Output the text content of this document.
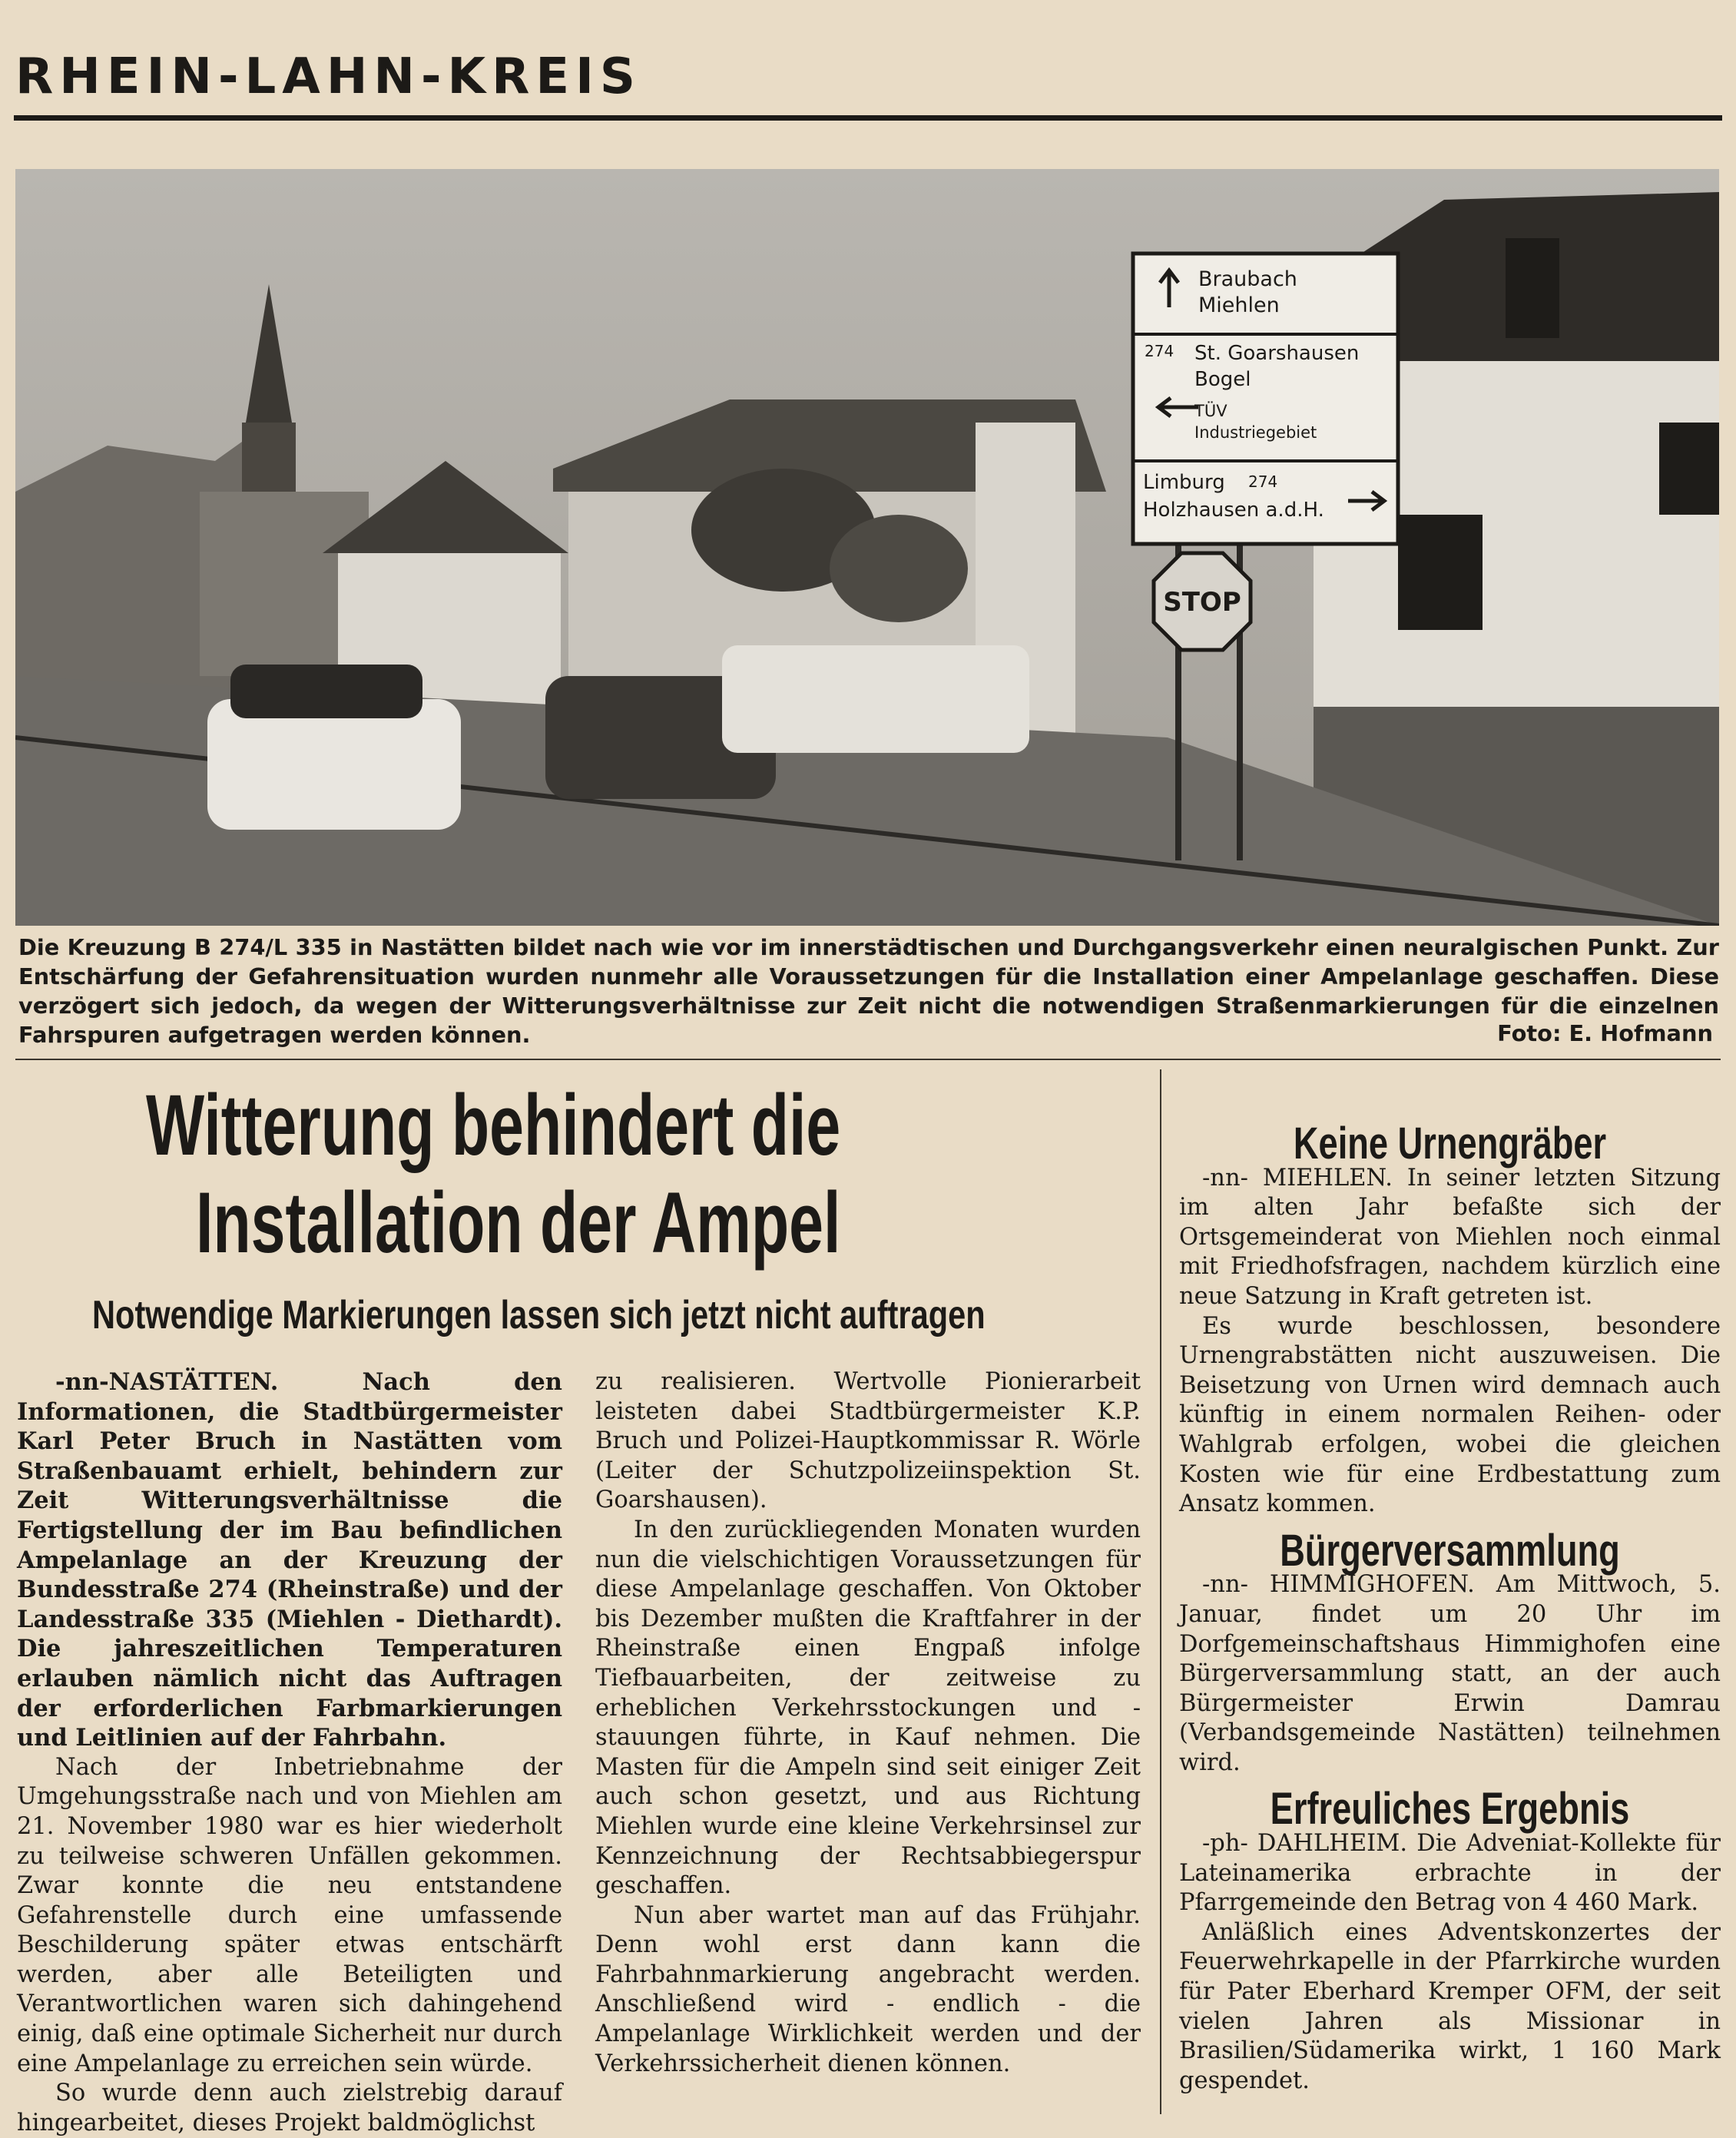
RHEIN-LAHN-KREIS
Braubach
Miehlen
274 St. Goarshausen
Bogel
TÜV
Industriegebiet
Limburg 274
Holzhausen a.d.H.
STOP
Die Kreuzung B 274/L 335 in Nastätten bildet nach wie vor im innerstädtischen und Durchgangsverkehr einen neuralgischen Punkt. Zur Entschärfung der Gefahrensituation wurden nunmehr alle Voraussetzungen für die Installation einer Ampelanlage geschaffen. Diese verzögert sich jedoch, da wegen der Witterungsverhältnisse zur Zeit nicht die notwendigen Straßenmarkierungen für die einzelnen Fahrspuren aufgetragen werden können.	Foto: E. Hofmann
Witterung behindert die
Installation der Ampel
Notwendige Markierungen lassen sich jetzt nicht auftragen

-nn-NASTÄTTEN. Nach den Informationen, die Stadtbürgermeister Karl Peter Bruch in Nastätten vom Straßenbauamt erhielt, behindern zur Zeit Witterungsverhältnisse die Fertigstellung der im Bau befindlichen Ampelanlage an der Kreuzung der Bundesstraße 274 (Rheinstraße) und der Landesstraße 335 (Miehlen - Diethardt). Die jahreszeitlichen Temperaturen erlauben nämlich nicht das Auftragen der erforderlichen Farbmarkierungen und Leitlinien auf der Fahrbahn.

Nach der Inbetriebnahme der Umgehungsstraße nach und von Miehlen am 21. November 1980 war es hier wiederholt zu teilweise schweren Unfällen gekommen. Zwar konnte die neu entstandene Gefahrenstelle durch eine umfassende Beschilderung später etwas entschärft werden, aber alle Beteiligten und Verantwortlichen waren sich dahingehend einig, daß eine optimale Sicherheit nur durch eine Ampelanlage zu erreichen sein würde.

So wurde denn auch zielstrebig darauf hingearbeitet, dieses Projekt baldmöglichst

zu realisieren. Wertvolle Pionierarbeit leisteten dabei Stadtbürgermeister K.P. Bruch und Polizei-Hauptkommissar R. Wörle (Leiter der Schutzpolizeiinspektion St. Goarshausen).

In den zurückliegenden Monaten wurden nun die vielschichtigen Voraussetzungen für diese Ampelanlage geschaffen. Von Oktober bis Dezember mußten die Kraftfahrer in der Rheinstraße einen Engpaß infolge Tiefbauarbeiten, der zeitweise zu erheblichen Verkehrsstockungen und -stauungen führte, in Kauf nehmen. Die Masten für die Ampeln sind seit einiger Zeit auch schon gesetzt, und aus Richtung Miehlen wurde eine kleine Verkehrsinsel zur Kennzeichnung der Rechtsabbiegerspur geschaffen.

Nun aber wartet man auf das Frühjahr. Denn wohl erst dann kann die Fahrbahnmarkierung angebracht werden. Anschließend wird - endlich - die Ampelanlage Wirklichkeit werden und der Verkehrssicherheit dienen können.

Keine Urnengräber

-nn- MIEHLEN. In seiner letzten Sitzung im alten Jahr befaßte sich der Ortsgemeinderat von Miehlen noch einmal mit Friedhofsfragen, nachdem kürzlich eine neue Satzung in Kraft getreten ist.

Es wurde beschlossen, besondere Urnengrabstätten nicht auszuweisen. Die Beisetzung von Urnen wird demnach auch künftig in einem normalen Reihen- oder Wahlgrab erfolgen, wobei die gleichen Kosten wie für eine Erdbestattung zum Ansatz kommen.

Bürgerversammlung

-nn- HIMMIGHOFEN. Am Mittwoch, 5. Januar, findet um 20 Uhr im Dorfgemeinschaftshaus Himmighofen eine Bürgerversammlung statt, an der auch Bürgermeister Erwin Damrau (Verbandsgemeinde Nastätten) teilnehmen wird.

Erfreuliches Ergebnis

-ph- DAHLHEIM. Die Adveniat-Kollekte für Lateinamerika erbrachte in der Pfarrgemeinde den Betrag von 4 460 Mark.

Anläßlich eines Adventskonzertes der Feuerwehrkapelle in der Pfarrkirche wurden für Pater Eberhard Kremper OFM, der seit vielen Jahren als Missionar in Brasilien/Südamerika wirkt, 1 160 Mark gespendet.
